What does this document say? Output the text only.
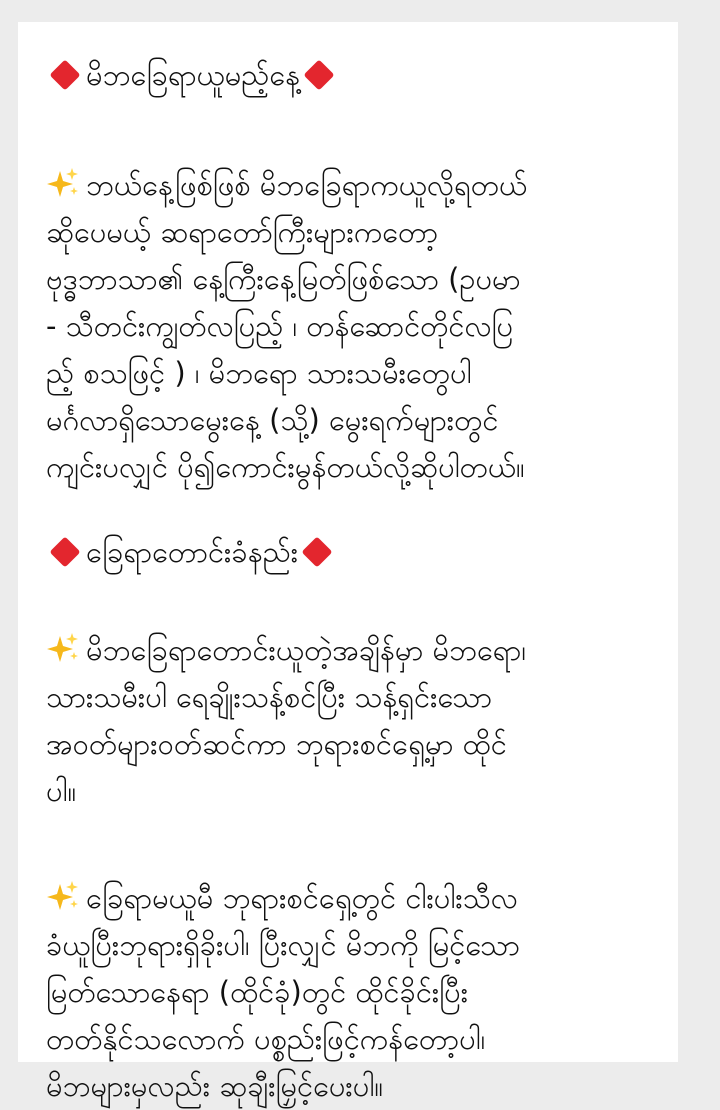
မိဘခြေရာယူမည့်နေ့
ဘယ်နေ့ဖြစ်ဖြစ် မိဘခြေရာကယူလို့ရတယ်
ဆိုပေမယ့် ဆရာတော်ကြီးများကတော့
ဗုဒ္ဓဘာသာ၏ နေ့ကြီးနေ့မြတ်ဖြစ်သော (ဥပမာ
- သီတင်းကျွတ်လပြည့် ၊ တန်ဆောင်တိုင်လပြ
ည့် စသဖြင့် ) ၊ မိဘရော သားသမီးတွေပါ
မင်္ဂလာရှိသောမွေးနေ့ (သို့) မွေးရက်များတွင်
ကျင်းပလျှင် ပို၍ကောင်းမွန်တယ်လို့ဆိုပါတယ်။
ခြေရာတောင်းခံနည်း
မိဘခြေရာတောင်းယူတဲ့အချိန်မှာ မိဘရော၊
သားသမီးပါ ရေချိုးသန့်စင်ပြီး သန့်ရှင်းသော
အဝတ်များဝတ်ဆင်ကာ ဘုရားစင်ရှေ့မှာ ထိုင်
ပါ။
ခြေရာမယူမီ ဘုရားစင်ရှေ့တွင် ငါးပါးသီလ
ခံယူပြီးဘုရားရှိခိုးပါ၊ ပြီးလျှင် မိဘကို မြင့်သော
မြတ်သောနေရာ (ထိုင်ခုံ)တွင် ထိုင်ခိုင်းပြီး
တတ်နိုင်သလောက် ပစ္စည်းဖြင့်ကန်တော့ပါ၊
မိဘများမှလည်း ဆုချီးမြှင့်ပေးပါ။
